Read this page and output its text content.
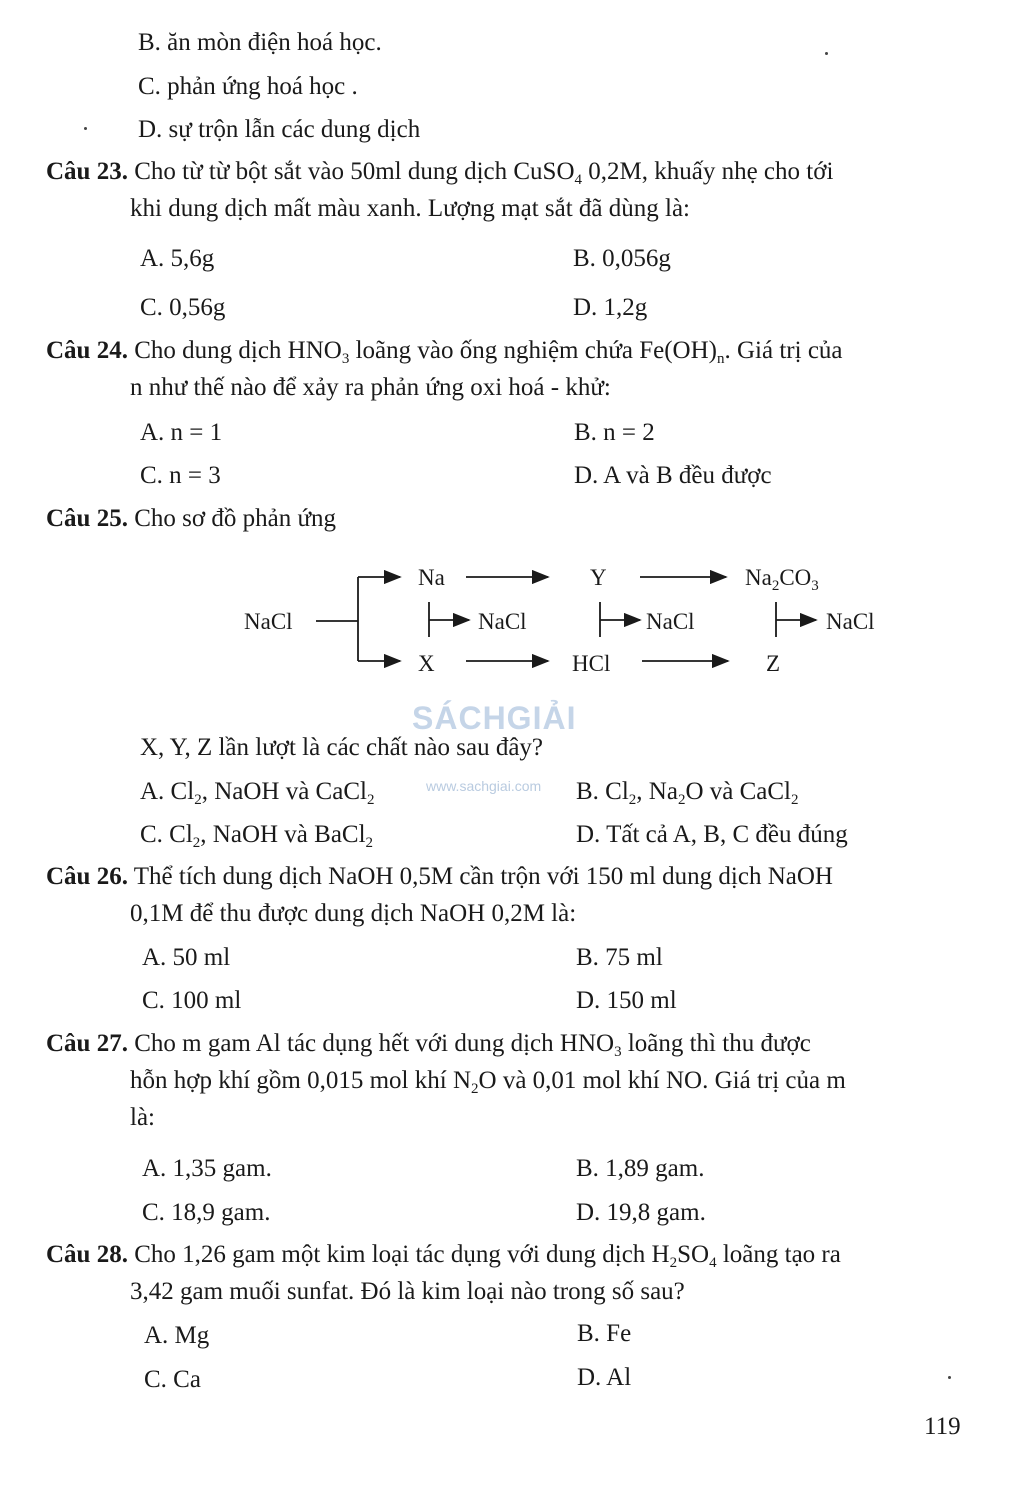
B. ăn mòn điện hoá học.
C. phản ứng hoá học .
D. sự trộn lẫn các dung dịch
Câu 23. Cho từ từ bột sắt vào 50ml dung dịch CuSO$_4$ 0,2M, khuấy nhẹ cho tới
khi dung dịch mất màu xanh. Lượng mạt sắt đã dùng là:
A. 5,6g	B. 0,056g
C. 0,56g	D. 1,2g
Câu 24. Cho dung dịch $HNO_3$ loãng vào ống nghiệm chứa $Fe(OH)_n$. Giá trị của
n như thế nào để xảy ra phản ứng oxi hoá - khử:
A. n = 1	B. n = 2
C. n = 3	D. A và B đều được
Câu 25. Cho sơ đồ phản ứng
NaCl
Na	Y	$Na_2CO_3$
NaCl	NaCl	NaCl
X	HCl	Z
SÁCHGIẢI
www.sachgiai.com
X, Y, Z lần lượt là các chất nào sau đây?
A. $Cl_2$, NaOH và CaCl$_2$	B. $Cl_2$, $Na_2O$ và CaCl$_2$
C. $Cl_2$, NaOH và BaCl$_2$	D. Tất cả A, B, C đều đúng
Câu 26. Thể tích dung dịch NaOH 0,5M cần trộn với 150 ml dung dịch NaOH
0,1M để thu được dung dịch NaOH 0,2M là:
A. 50 ml	B. 75 ml
C. 100 ml	D. 150 ml
Câu 27. Cho m gam Al tác dụng hết với dung dịch $HNO_3$ loãng thì thu được
hỗn hợp khí gồm 0,015 mol khí $N_2O$ và 0,01 mol khí NO. Giá trị của m
là:
A. 1,35 gam.	B. 1,89 gam.
C. 18,9 gam.	D. 19,8 gam.
Câu 28. Cho 1,26 gam một kim loại tác dụng với dung dịch $H_2SO_4$ loãng tạo ra
3,42 gam muối sunfat. Đó là kim loại nào trong số sau?
A. Mg	B. Fe
C. Ca	D. Al
119
